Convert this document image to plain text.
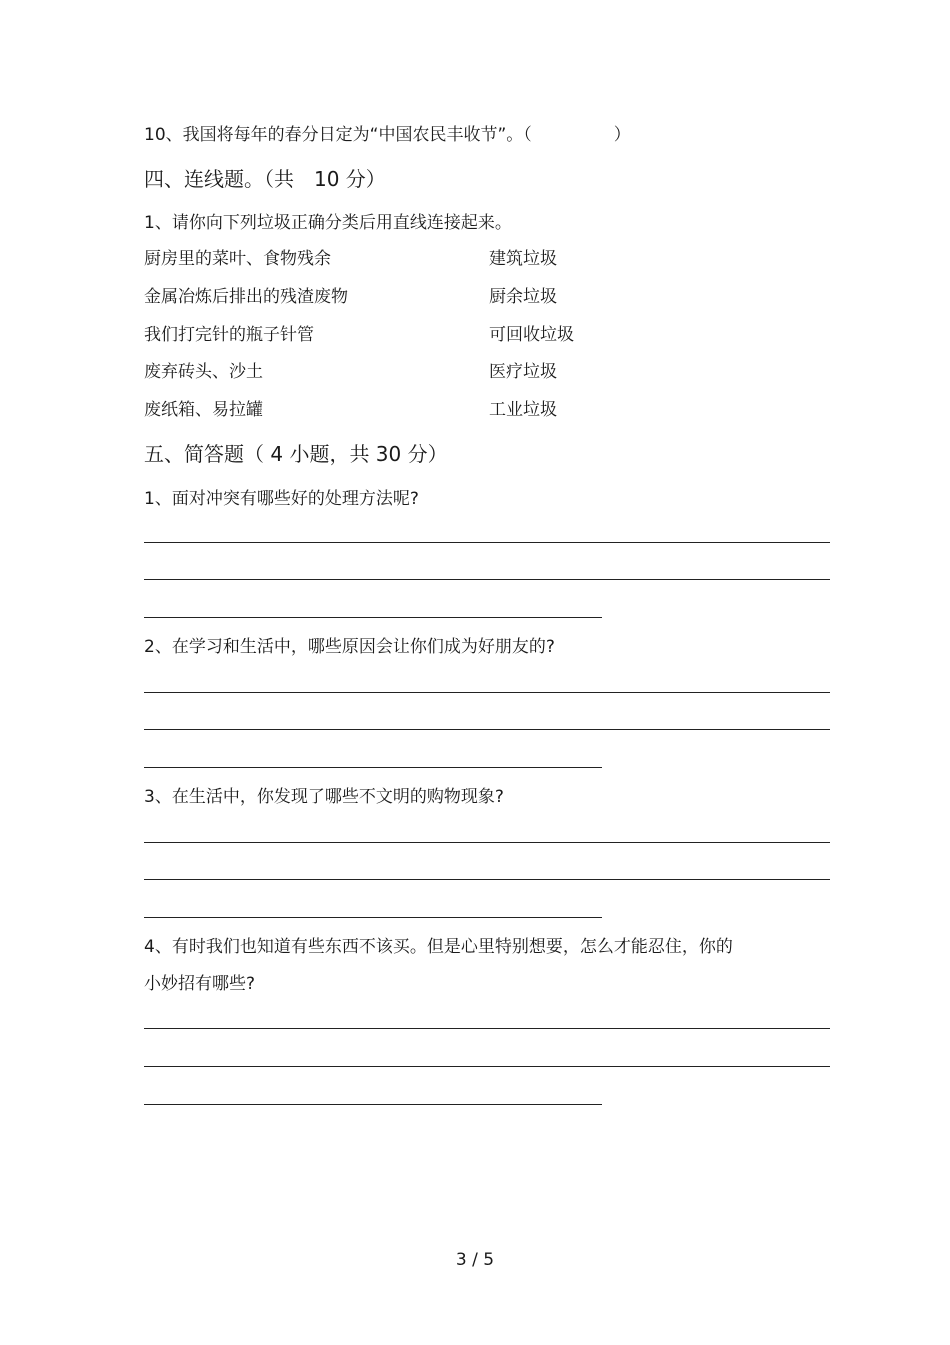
10、我国将每年的春分日定为“中国农民丰收节”。（	）
四、连线题。（共　10 分）
1、请你向下列垃圾正确分类后用直线连接起来。
厨房里的菜叶、食物残余	建筑垃圾
金属冶炼后排出的残渣废物	厨余垃圾
我们打完针的瓶子针管	可回收垃圾
废弃砖头、沙土	医疗垃圾
废纸箱、易拉罐	工业垃圾
五、简答题（ 4 小题，共 30 分）
1、面对冲突有哪些好的处理方法呢?
2、在学习和生活中，哪些原因会让你们成为好朋友的?
3、在生活中，你发现了哪些不文明的购物现象?
4、有时我们也知道有些东西不该买。但是心里特别想要，怎么才能忍住，你的
小妙招有哪些?
3 / 5
